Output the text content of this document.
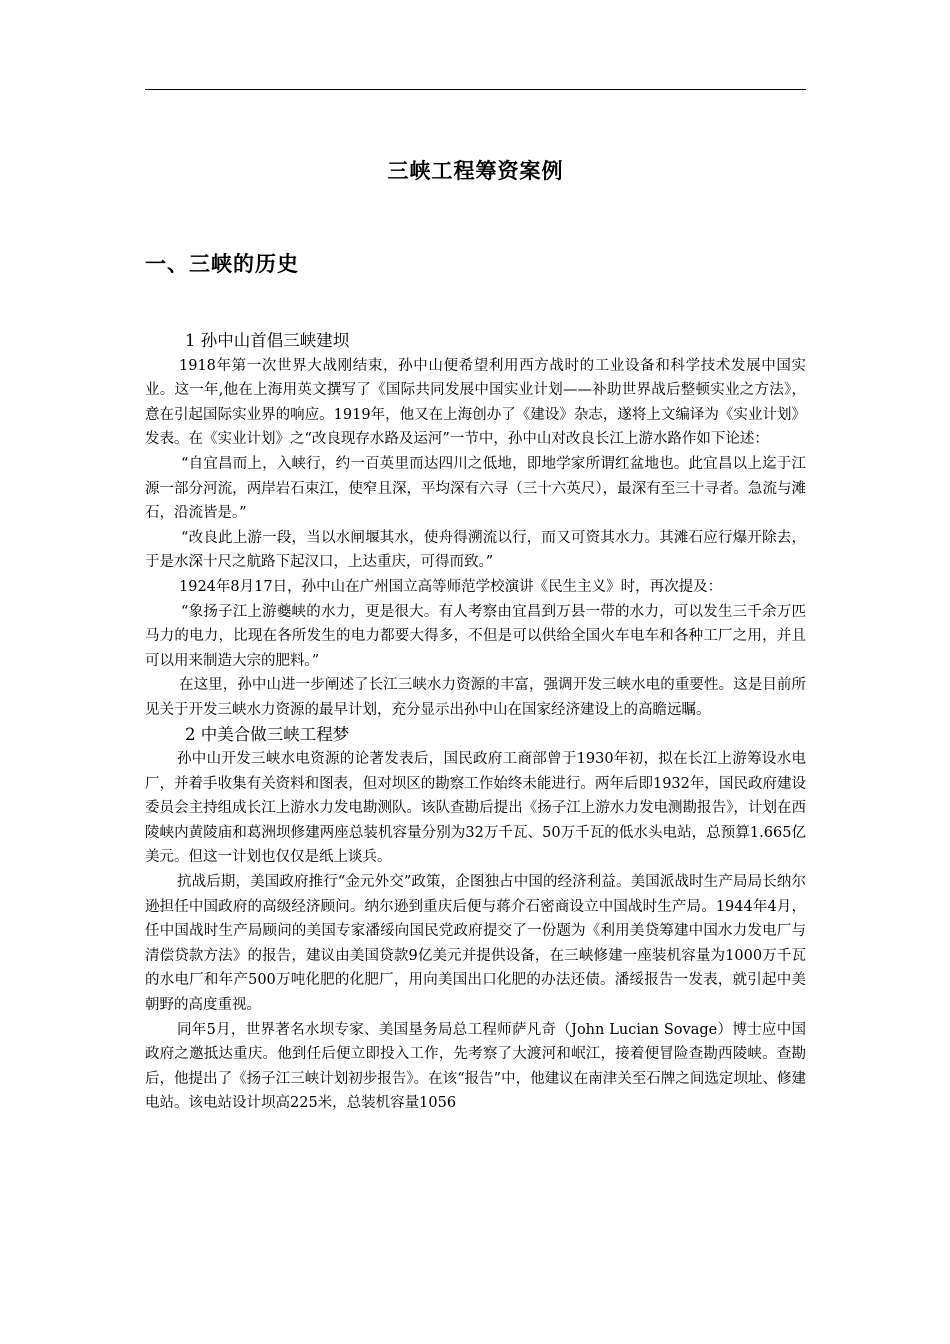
三峡工程筹资案例
一、三峡的历史

1 孙中山首倡三峡建坝

1918年第一次世界大战刚结束，孙中山便希望利用西方战时的工业设备和科学技术发展中国实业。这一年,他在上海用英文撰写了《国际共同发展中国实业计划——补助世界战后整顿实业之方法》，意在引起国际实业界的响应。1919年，他又在上海创办了《建设》杂志，遂将上文编译为《实业计划》发表。在《实业计划》之“改良现存水路及运河”一节中，孙中山对改良长江上游水路作如下论述：

“自宜昌而上，入峡行，约一百英里而达四川之低地，即地学家所谓红盆地也。此宜昌以上迄于江源一部分河流，两岸岩石束江，使窄且深，平均深有六寻（三十六英尺），最深有至三十寻者。急流与滩石，沿流皆是。”

“改良此上游一段，当以水闸堰其水，使舟得溯流以行，而又可资其水力。其滩石应行爆开除去，于是水深十尺之航路下起汉口，上达重庆，可得而致。”

1924年8月17日，孙中山在广州国立高等师范学校演讲《民生主义》时，再次提及：

“象扬子江上游夔峡的水力，更是很大。有人考察由宜昌到万县一带的水力，可以发生三千余万匹马力的电力，比现在各所发生的电力都要大得多，不但是可以供给全国火车电车和各种工厂之用，并且可以用来制造大宗的肥料。”

在这里，孙中山进一步阐述了长江三峡水力资源的丰富，强调开发三峡水电的重要性。这是目前所见关于开发三峡水力资源的最早计划，充分显示出孙中山在国家经济建设上的高瞻远瞩。

2 中美合做三峡工程梦

孙中山开发三峡水电资源的论著发表后，国民政府工商部曾于1930年初，拟在长江上游筹设水电厂，并着手收集有关资料和图表，但对坝区的勘察工作始终未能进行。两年后即1932年，国民政府建设委员会主持组成长江上游水力发电勘测队。该队查勘后提出《扬子江上游水力发电测勘报告》，计划在西陵峡内黄陵庙和葛洲坝修建两座总装机容量分别为32万千瓦、50万千瓦的低水头电站，总预算1.665亿美元。但这一计划也仅仅是纸上谈兵。

抗战后期，美国政府推行“金元外交”政策，企图独占中国的经济利益。美国派战时生产局局长纳尔逊担任中国政府的高级经济顾问。纳尔逊到重庆后便与蒋介石密商设立中国战时生产局。1944年4月，任中国战时生产局顾问的美国专家潘绥向国民党政府提交了一份题为《利用美贷筹建中国水力发电厂与清偿贷款方法》的报告，建议由美国贷款9亿美元并提供设备，在三峡修建一座装机容量为1000万千瓦的水电厂和年产500万吨化肥的化肥厂，用向美国出口化肥的办法还债。潘绥报告一发表，就引起中美朝野的高度重视。

同年5月，世界著名水坝专家、美国垦务局总工程师萨凡奇（John Lucian Sovage）博士应中国政府之邀抵达重庆。他到任后便立即投入工作，先考察了大渡河和岷江，接着便冒险查勘西陵峡。查勘后，他提出了《扬子江三峡计划初步报告》。在该“报告”中，他建议在南津关至石牌之间选定坝址、修建电站。该电站设计坝高225米，总装机容量1056
